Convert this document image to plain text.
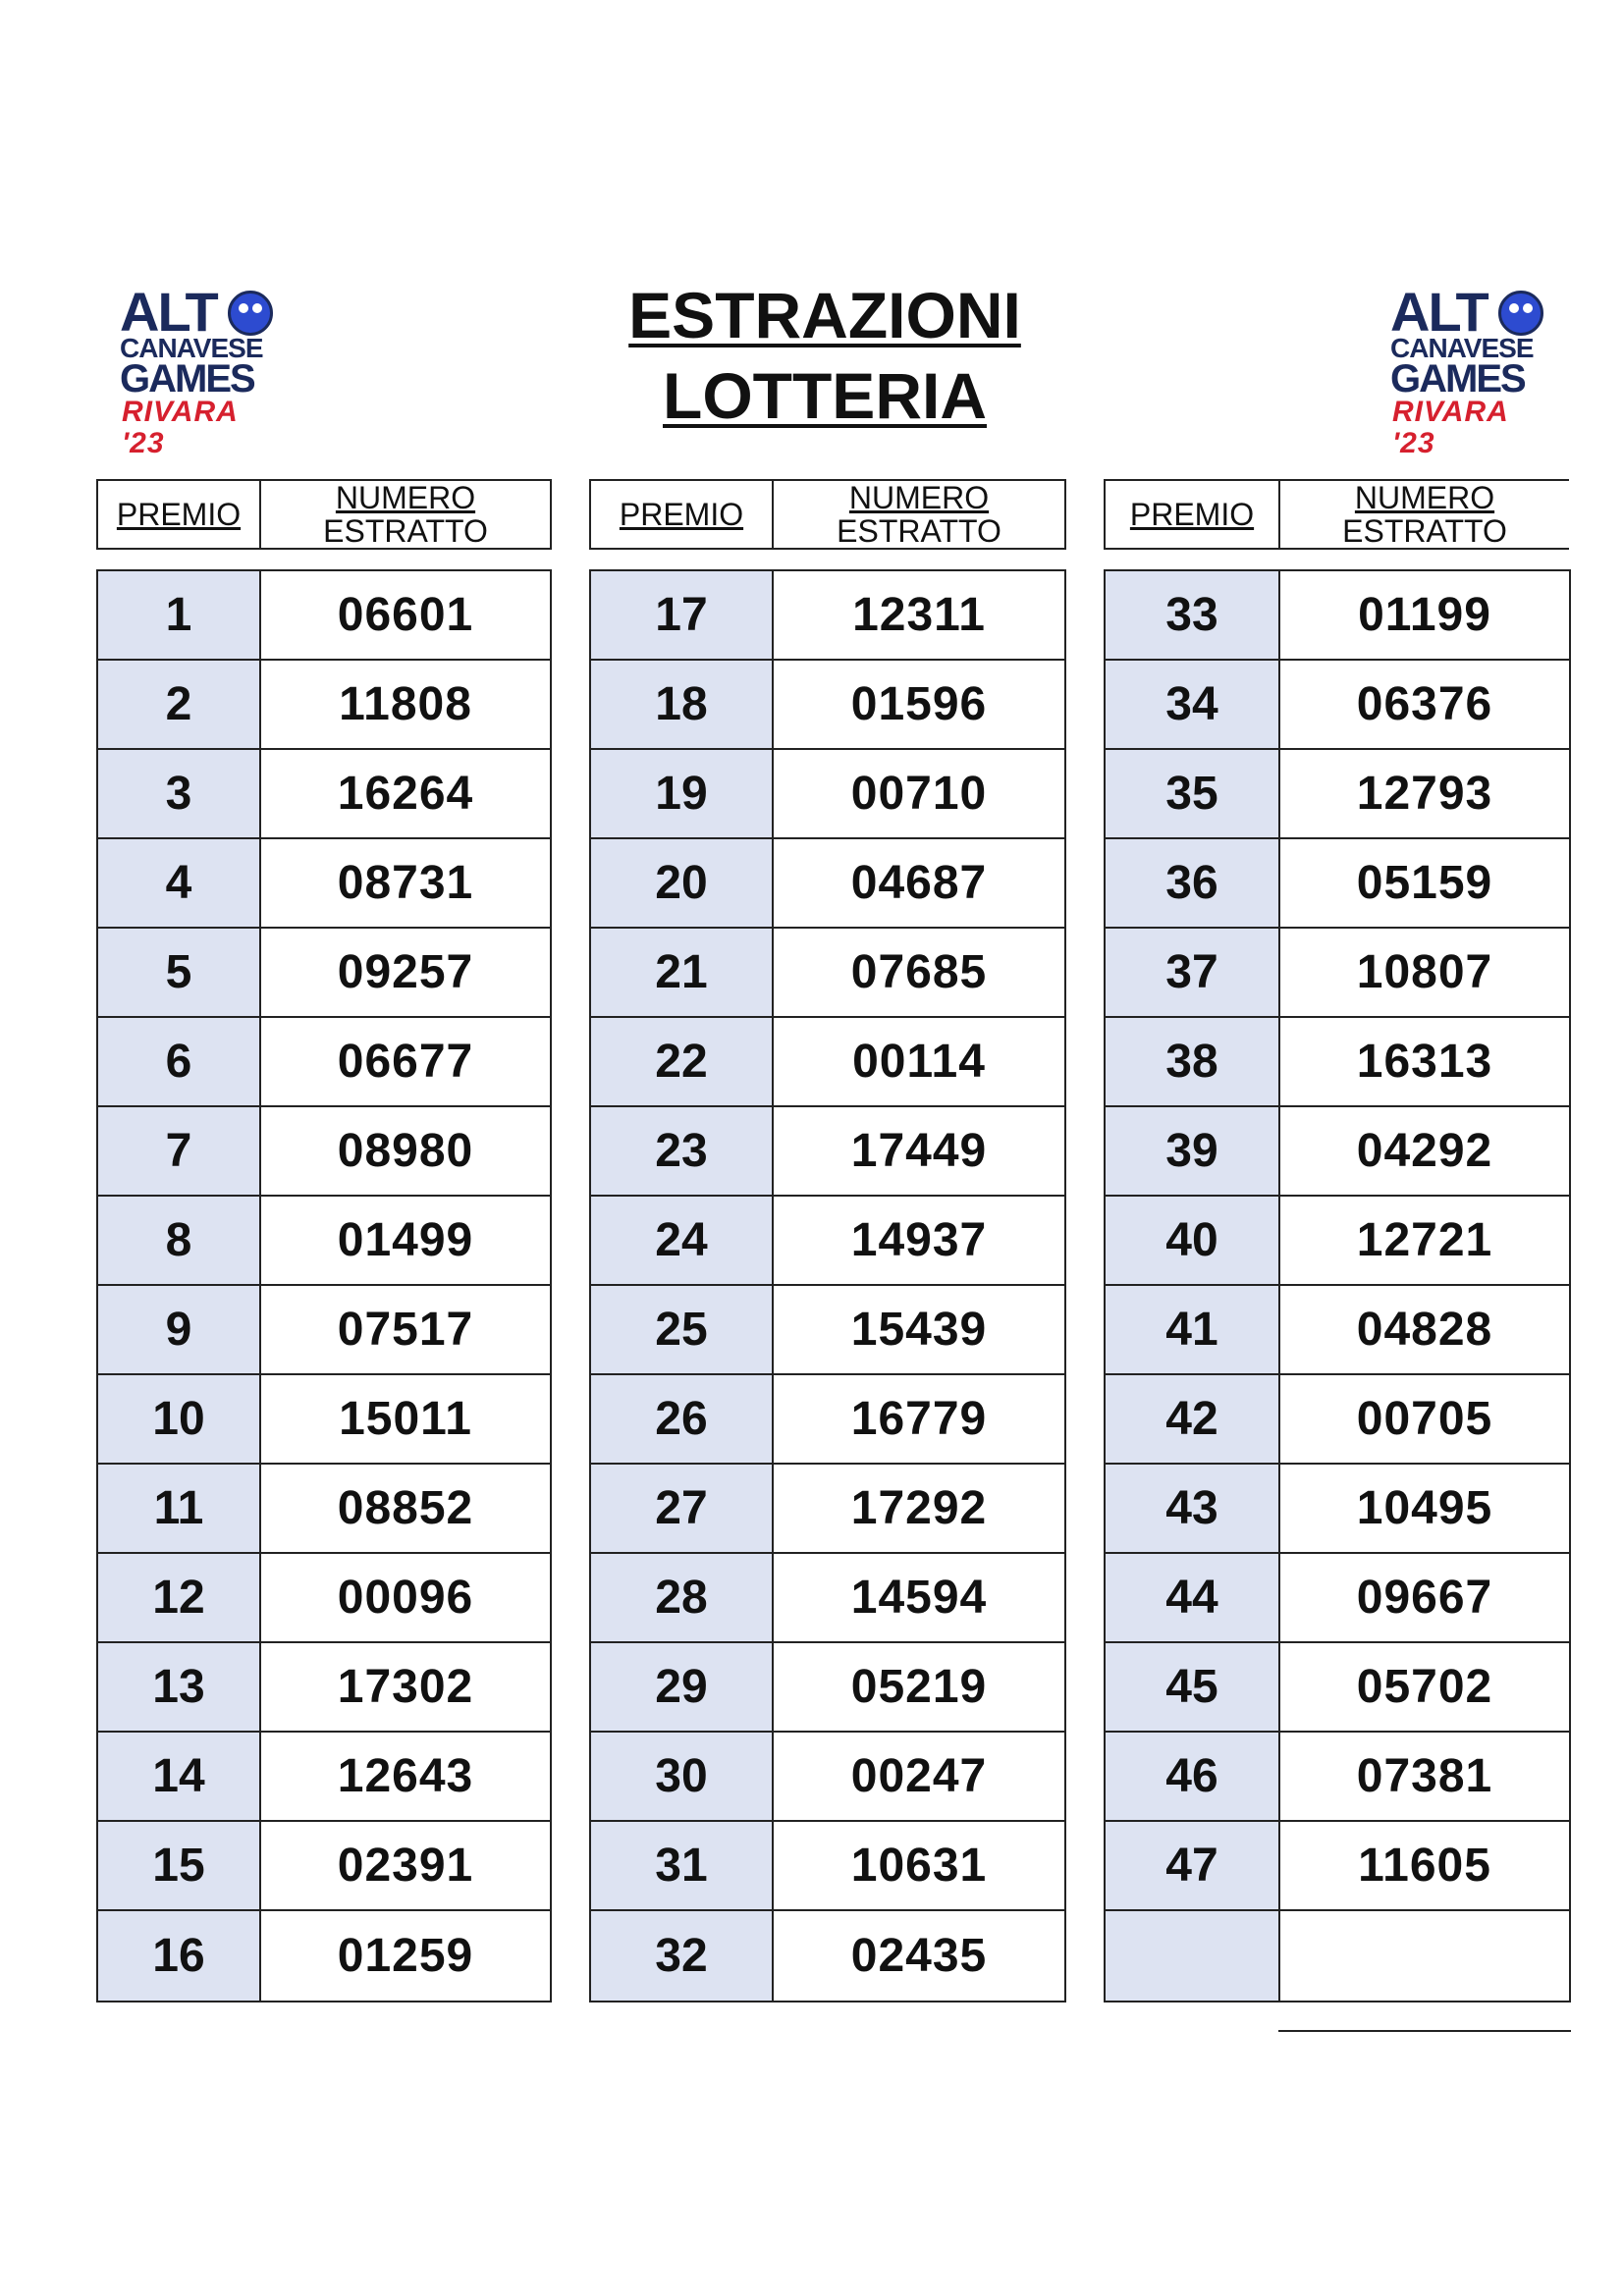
ALT
CANAVESE
GAMES
RIVARA '23
ALT
CANAVESE
GAMES
RIVARA '23
ESTRAZIONI
LOTTERIA
PREMIO	NUMERO
ESTRATTO
1	06601
2	11808
3	16264
4	08731
5	09257
6	06677
7	08980
8	01499
9	07517
10	15011
11	08852
12	00096
13	17302
14	12643
15	02391
16	01259
PREMIO	NUMERO
ESTRATTO
17	12311
18	01596
19	00710
20	04687
21	07685
22	00114
23	17449
24	14937
25	15439
26	16779
27	17292
28	14594
29	05219
30	00247
31	10631
32	02435
PREMIO	NUMERO
ESTRATTO
33	01199
34	06376
35	12793
36	05159
37	10807
38	16313
39	04292
40	12721
41	04828
42	00705
43	10495
44	09667
45	05702
46	07381
47	11605
